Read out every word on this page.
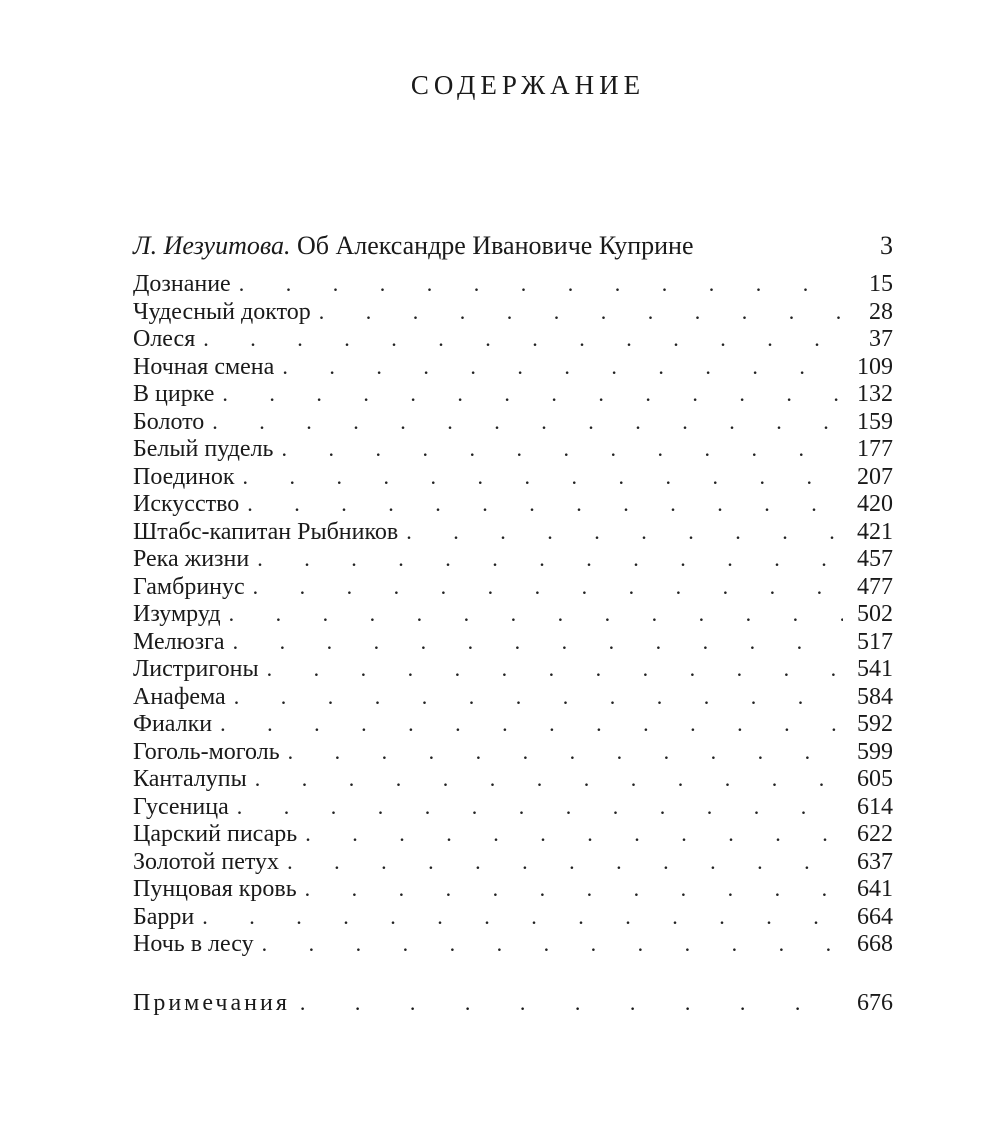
СОДЕРЖАНИЕ
Л. Иезуитова. Об Александре Ивановиче Куприне	3
Дознание . . .	15
Чудесный доктор . . .	28
Олеся . . .	37
Ночная смена . . .	109
В цирке . . .	132
Болото . . .	159
Белый пудель . . .	177
Поединок . . .	207
Искусство . . .	420
Штабс-капитан Рыбников . . .	421
Река жизни . . .	457
Гамбринус . . .	477
Изумруд . . .	502
Мелюзга . . .	517
Листригоны . . .	541
Анафема . . .	584
Фиалки . . .	592
Гоголь-моголь . . .	599
Канталупы . . .	605
Гусеница . . .	614
Царский писарь . . .	622
Золотой петух . . .	637
Пунцовая кровь . . .	641
Барри . . .	664
Ночь в лесу . . .	668
Примечания . . .	676
